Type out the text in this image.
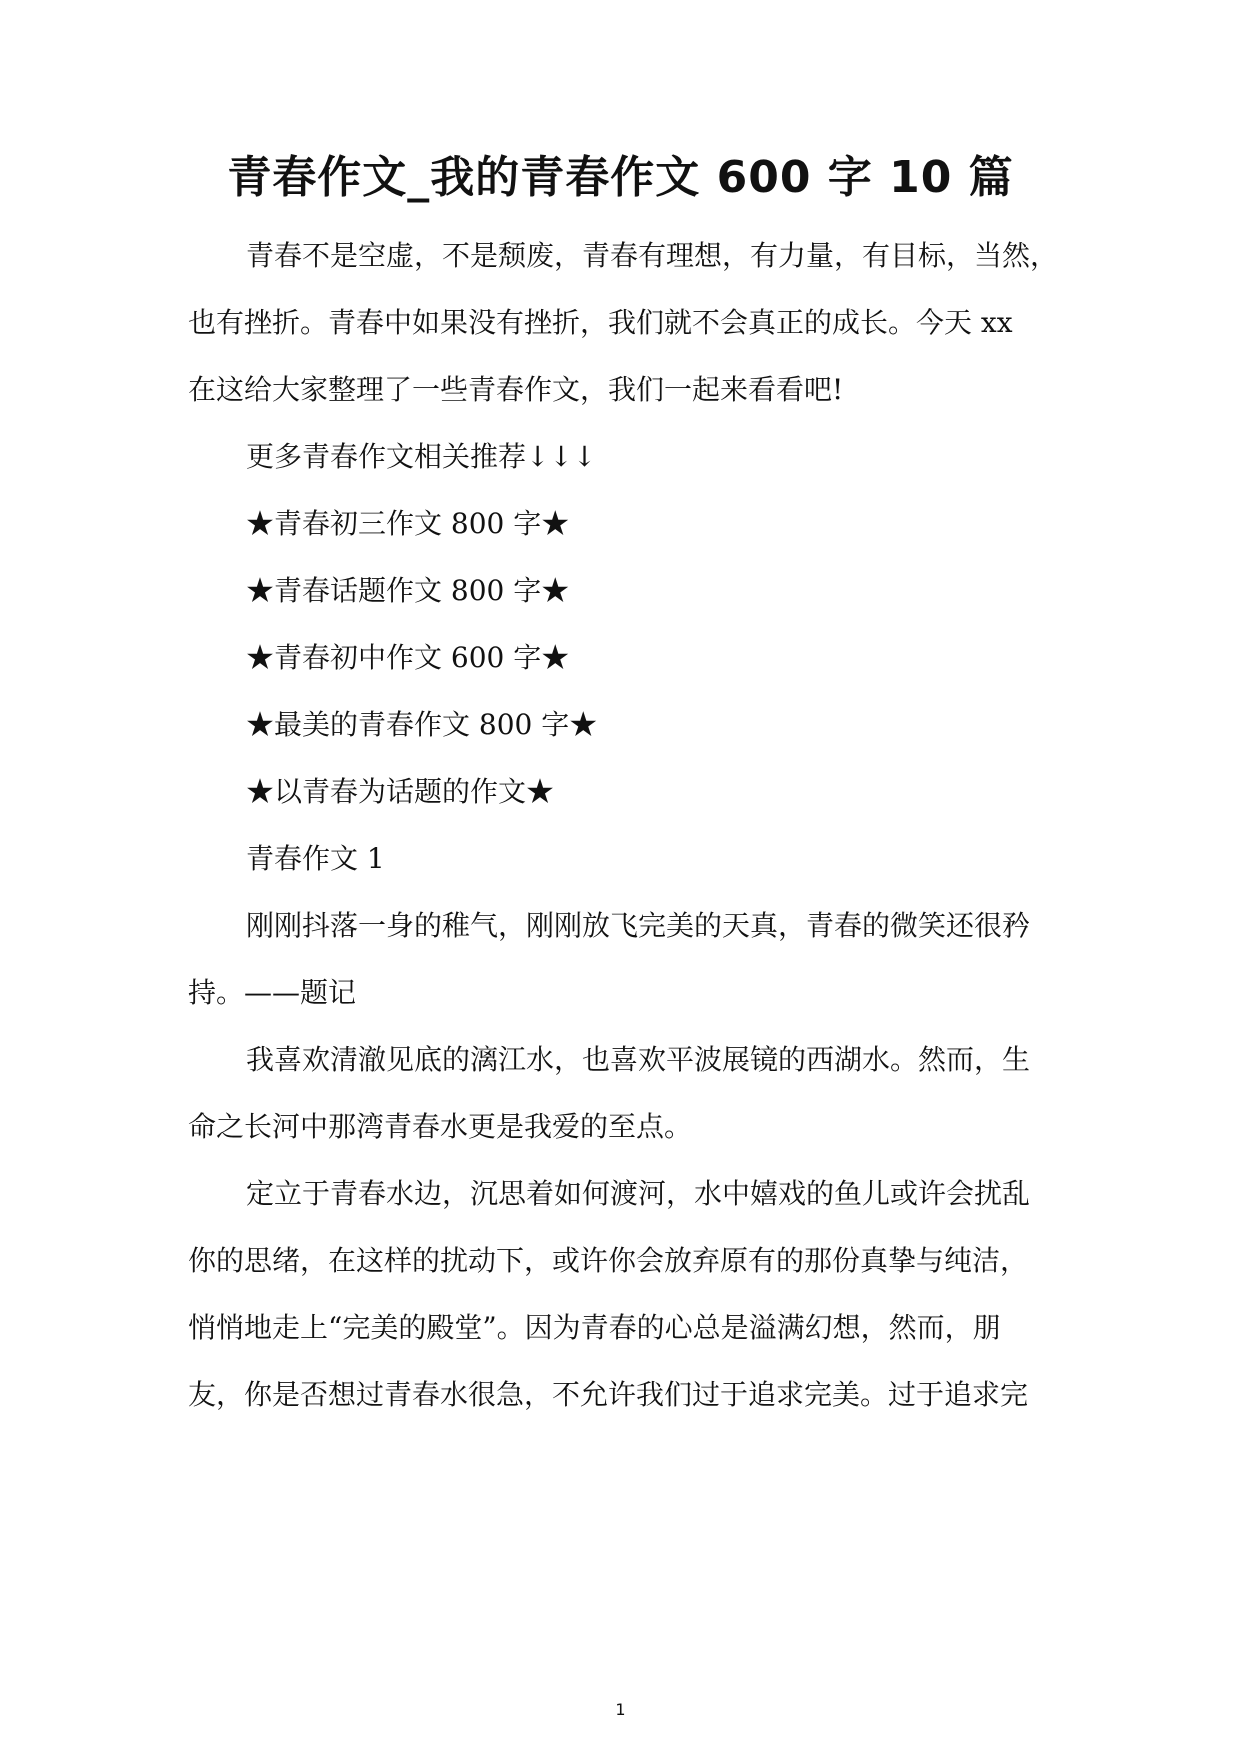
青春作文_我的青春作文 600 字 10 篇

青春不是空虚，不是颓废，青春有理想，有力量，有目标，当然，

也有挫折。青春中如果没有挫折，我们就不会真正的成长。今天 xx

在这给大家整理了一些青春作文，我们一起来看看吧!

更多青春作文相关推荐↓↓↓

★青春初三作文 800 字★

★青春话题作文 800 字★

★青春初中作文 600 字★

★最美的青春作文 800 字★

★以青春为话题的作文★

青春作文 1

刚刚抖落一身的稚气，刚刚放飞完美的天真，青春的微笑还很矜

持。——题记

我喜欢清澈见底的漓江水，也喜欢平波展镜的西湖水。然而，生

命之长河中那湾青春水更是我爱的至点。

定立于青春水边，沉思着如何渡河，水中嬉戏的鱼儿或许会扰乱

你的思绪，在这样的扰动下，或许你会放弃原有的那份真挚与纯洁，

悄悄地走上“完美的殿堂”。因为青春的心总是溢满幻想，然而，朋

友，你是否想过青春水很急，不允许我们过于追求完美。过于追求完

1
